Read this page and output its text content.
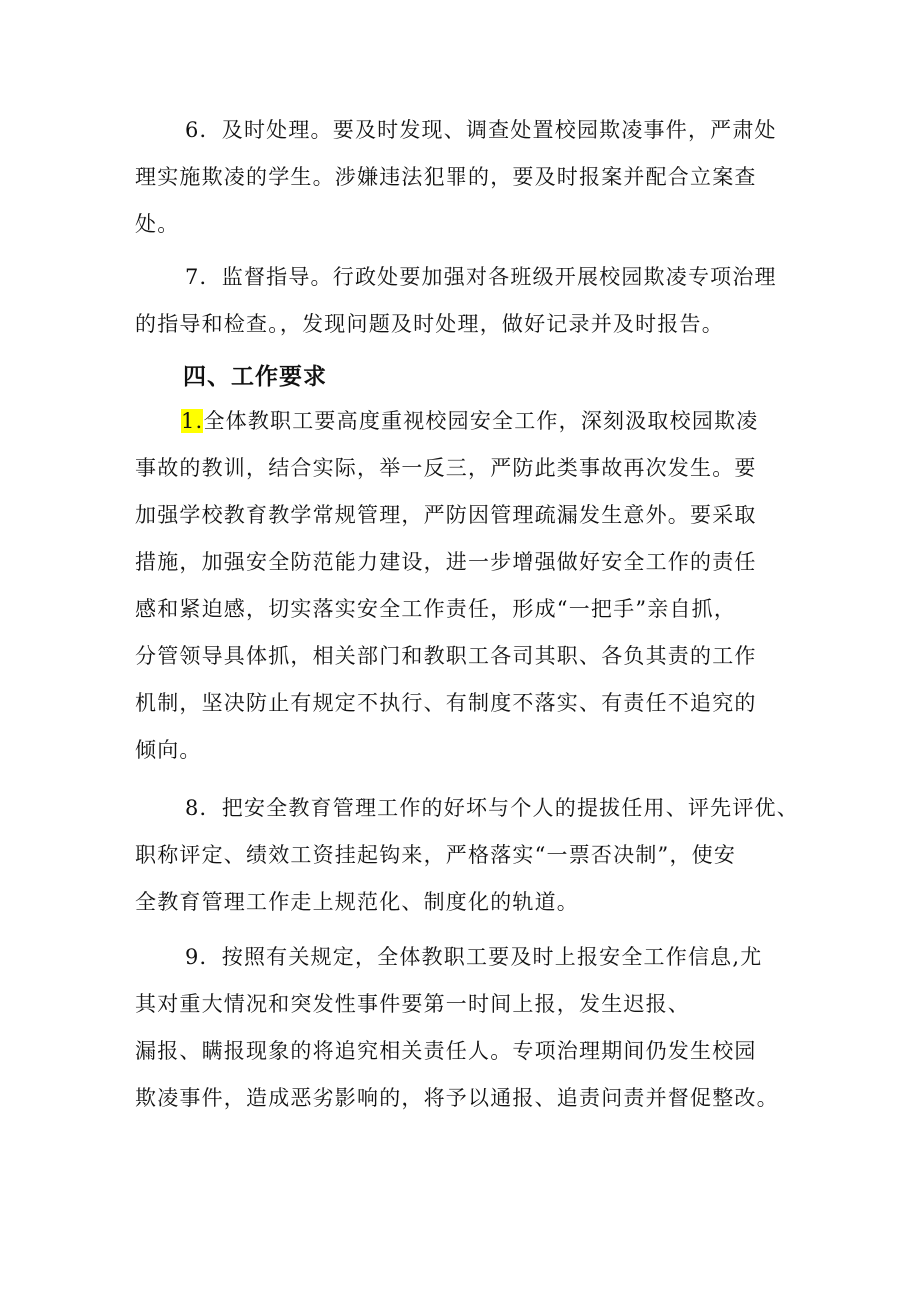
6．及时处理。要及时发现、调查处置校园欺凌事件，严肃处
理实施欺凌的学生。涉嫌违法犯罪的，要及时报案并配合立案查
处。
7．监督指导。行政处要加强对各班级开展校园欺凌专项治理
的指导和检查。，发现问题及时处理，做好记录并及时报告。
四、工作要求
1.全体教职工要高度重视校园安全工作，深刻汲取校园欺凌
事故的教训，结合实际，举一反三，严防此类事故再次发生。要
加强学校教育教学常规管理，严防因管理疏漏发生意外。要采取
措施，加强安全防范能力建设，进一步增强做好安全工作的责任
感和紧迫感，切实落实安全工作责任，形成“一把手”亲自抓，
分管领导具体抓，相关部门和教职工各司其职、各负其责的工作
机制，坚决防止有规定不执行、有制度不落实、有责任不追究的
倾向。
8．把安全教育管理工作的好坏与个人的提拔任用、评先评优、
职称评定、绩效工资挂起钩来，严格落实“一票否决制”，使安
全教育管理工作走上规范化、制度化的轨道。
9．按照有关规定，全体教职工要及时上报安全工作信息,尤
其对重大情况和突发性事件要第一时间上报，发生迟报、
漏报、瞒报现象的将追究相关责任人。专项治理期间仍发生校园
欺凌事件，造成恶劣影响的，将予以通报、追责问责并督促整改。
